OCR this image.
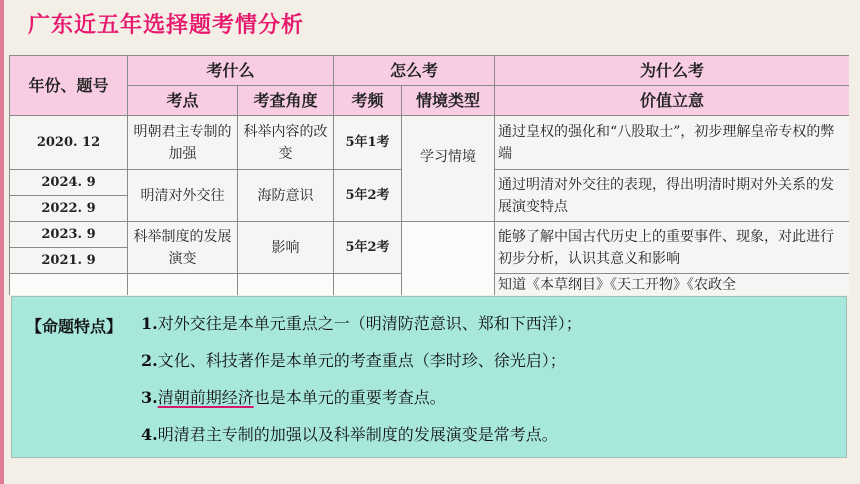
广东近五年选择题考情分析
年份、题号	考什么		怎么考		为什么考
	考点	考查角度	考频	情境类型	价值立意
2020. 12	明朝君主专制的加强	科举内容的改变	5年1考	学习情境	通过皇权的强化和“八股取士”，初步理解皇帝专权的弊端
2024. 9	明清对外交往	海防意识	5年2考		通过明清对外交往的表现，得出明清时期对外关系的发展演变特点
2022. 9					
2023. 9	科举制度的发展演变	影响	5年2考		能够了解中国古代历史上的重要事件、现象，对此进行初步分析，认识其意义和影响
2021. 9					
					知道《本草纲目》《天工开物》《农政全
【命题特点】 1.对外交往是本单元重点之一（明清防范意识、郑和下西洋）；
2.文化、科技著作是本单元的考查重点（李时珍、徐光启）；
3.清朝前期经济也是本单元的重要考查点。
4.明清君主专制的加强以及科举制度的发展演变是常考点。
